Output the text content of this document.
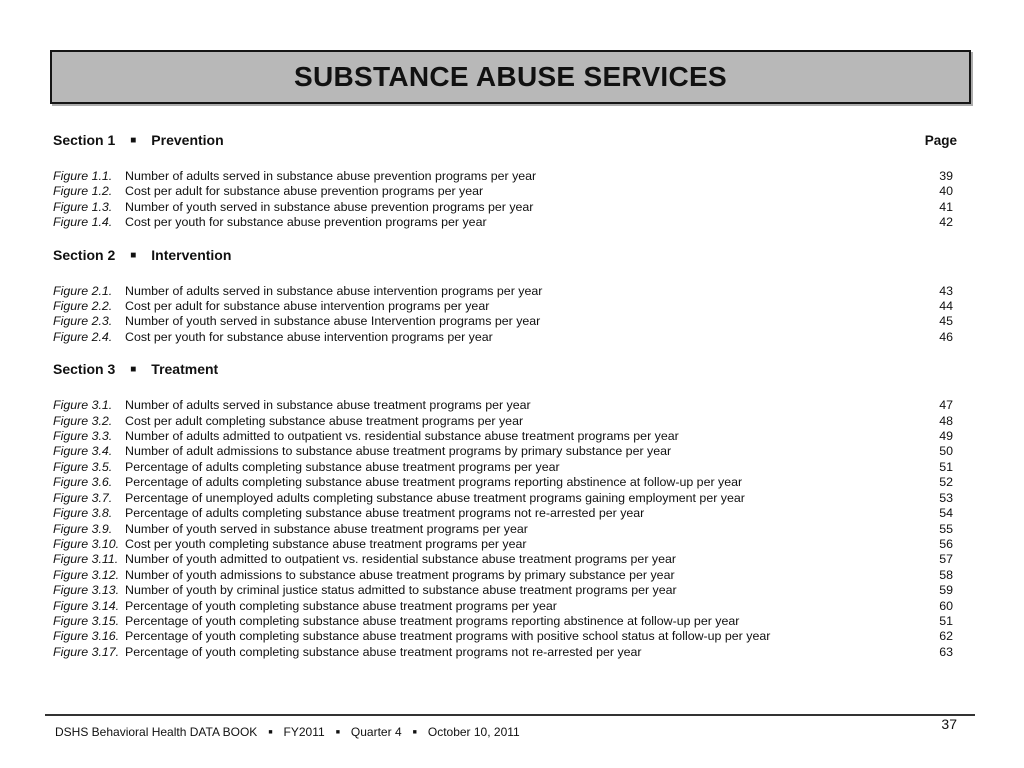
SUBSTANCE ABUSE SERVICES
Section 1 ■ Prevention	Page
Figure 1.1.	Number of adults served in substance abuse prevention programs per year	39
Figure 1.2.	Cost per adult for substance abuse prevention programs per year	40
Figure 1.3.	Number of youth served in substance abuse prevention programs per year	41
Figure 1.4.	Cost per youth for substance abuse prevention programs per year	42
Section 2 ■ Intervention
Figure 2.1.	Number of adults served in substance abuse intervention programs per year	43
Figure 2.2.	Cost per adult for substance abuse intervention programs per year	44
Figure 2.3.	Number of youth served in substance abuse Intervention programs per year	45
Figure 2.4.	Cost per youth for substance abuse intervention programs per year	46
Section 3 ■ Treatment
Figure 3.1.	Number of adults served in substance abuse treatment programs per year	47
Figure 3.2.	Cost per adult completing substance abuse treatment programs per year	48
Figure 3.3.	Number of adults admitted to outpatient vs. residential substance abuse treatment programs per year	49
Figure 3.4.	Number of adult admissions to substance abuse treatment programs by primary substance per year	50
Figure 3.5.	Percentage of adults completing substance abuse treatment programs per year	51
Figure 3.6.	Percentage of adults completing substance abuse treatment programs reporting abstinence at follow-up per year	52
Figure 3.7.	Percentage of unemployed adults completing substance abuse treatment programs gaining employment per year	53
Figure 3.8.	Percentage of adults completing substance abuse treatment programs not re-arrested per year	54
Figure 3.9.	Number of youth served in substance abuse treatment programs per year	55
Figure 3.10. Cost per youth completing substance abuse treatment programs per year	56
Figure 3.11. Number of youth admitted to outpatient vs. residential substance abuse treatment programs per year	57
Figure 3.12. Number of youth admissions to substance abuse treatment programs by primary substance per year	58
Figure 3.13. Number of youth by criminal justice status admitted to substance abuse treatment programs per year	59
Figure 3.14. Percentage of youth completing substance abuse treatment programs per year	60
Figure 3.15. Percentage of youth completing substance abuse treatment programs reporting abstinence at follow-up per year	51
Figure 3.16. Percentage of youth completing substance abuse treatment programs with positive school status at follow-up per year	62
Figure 3.17. Percentage of youth completing substance abuse treatment programs not re-arrested per year	63
37
DSHS Behavioral Health DATA BOOK ■ FY2011 ■ Quarter 4 ■ October 10, 2011
